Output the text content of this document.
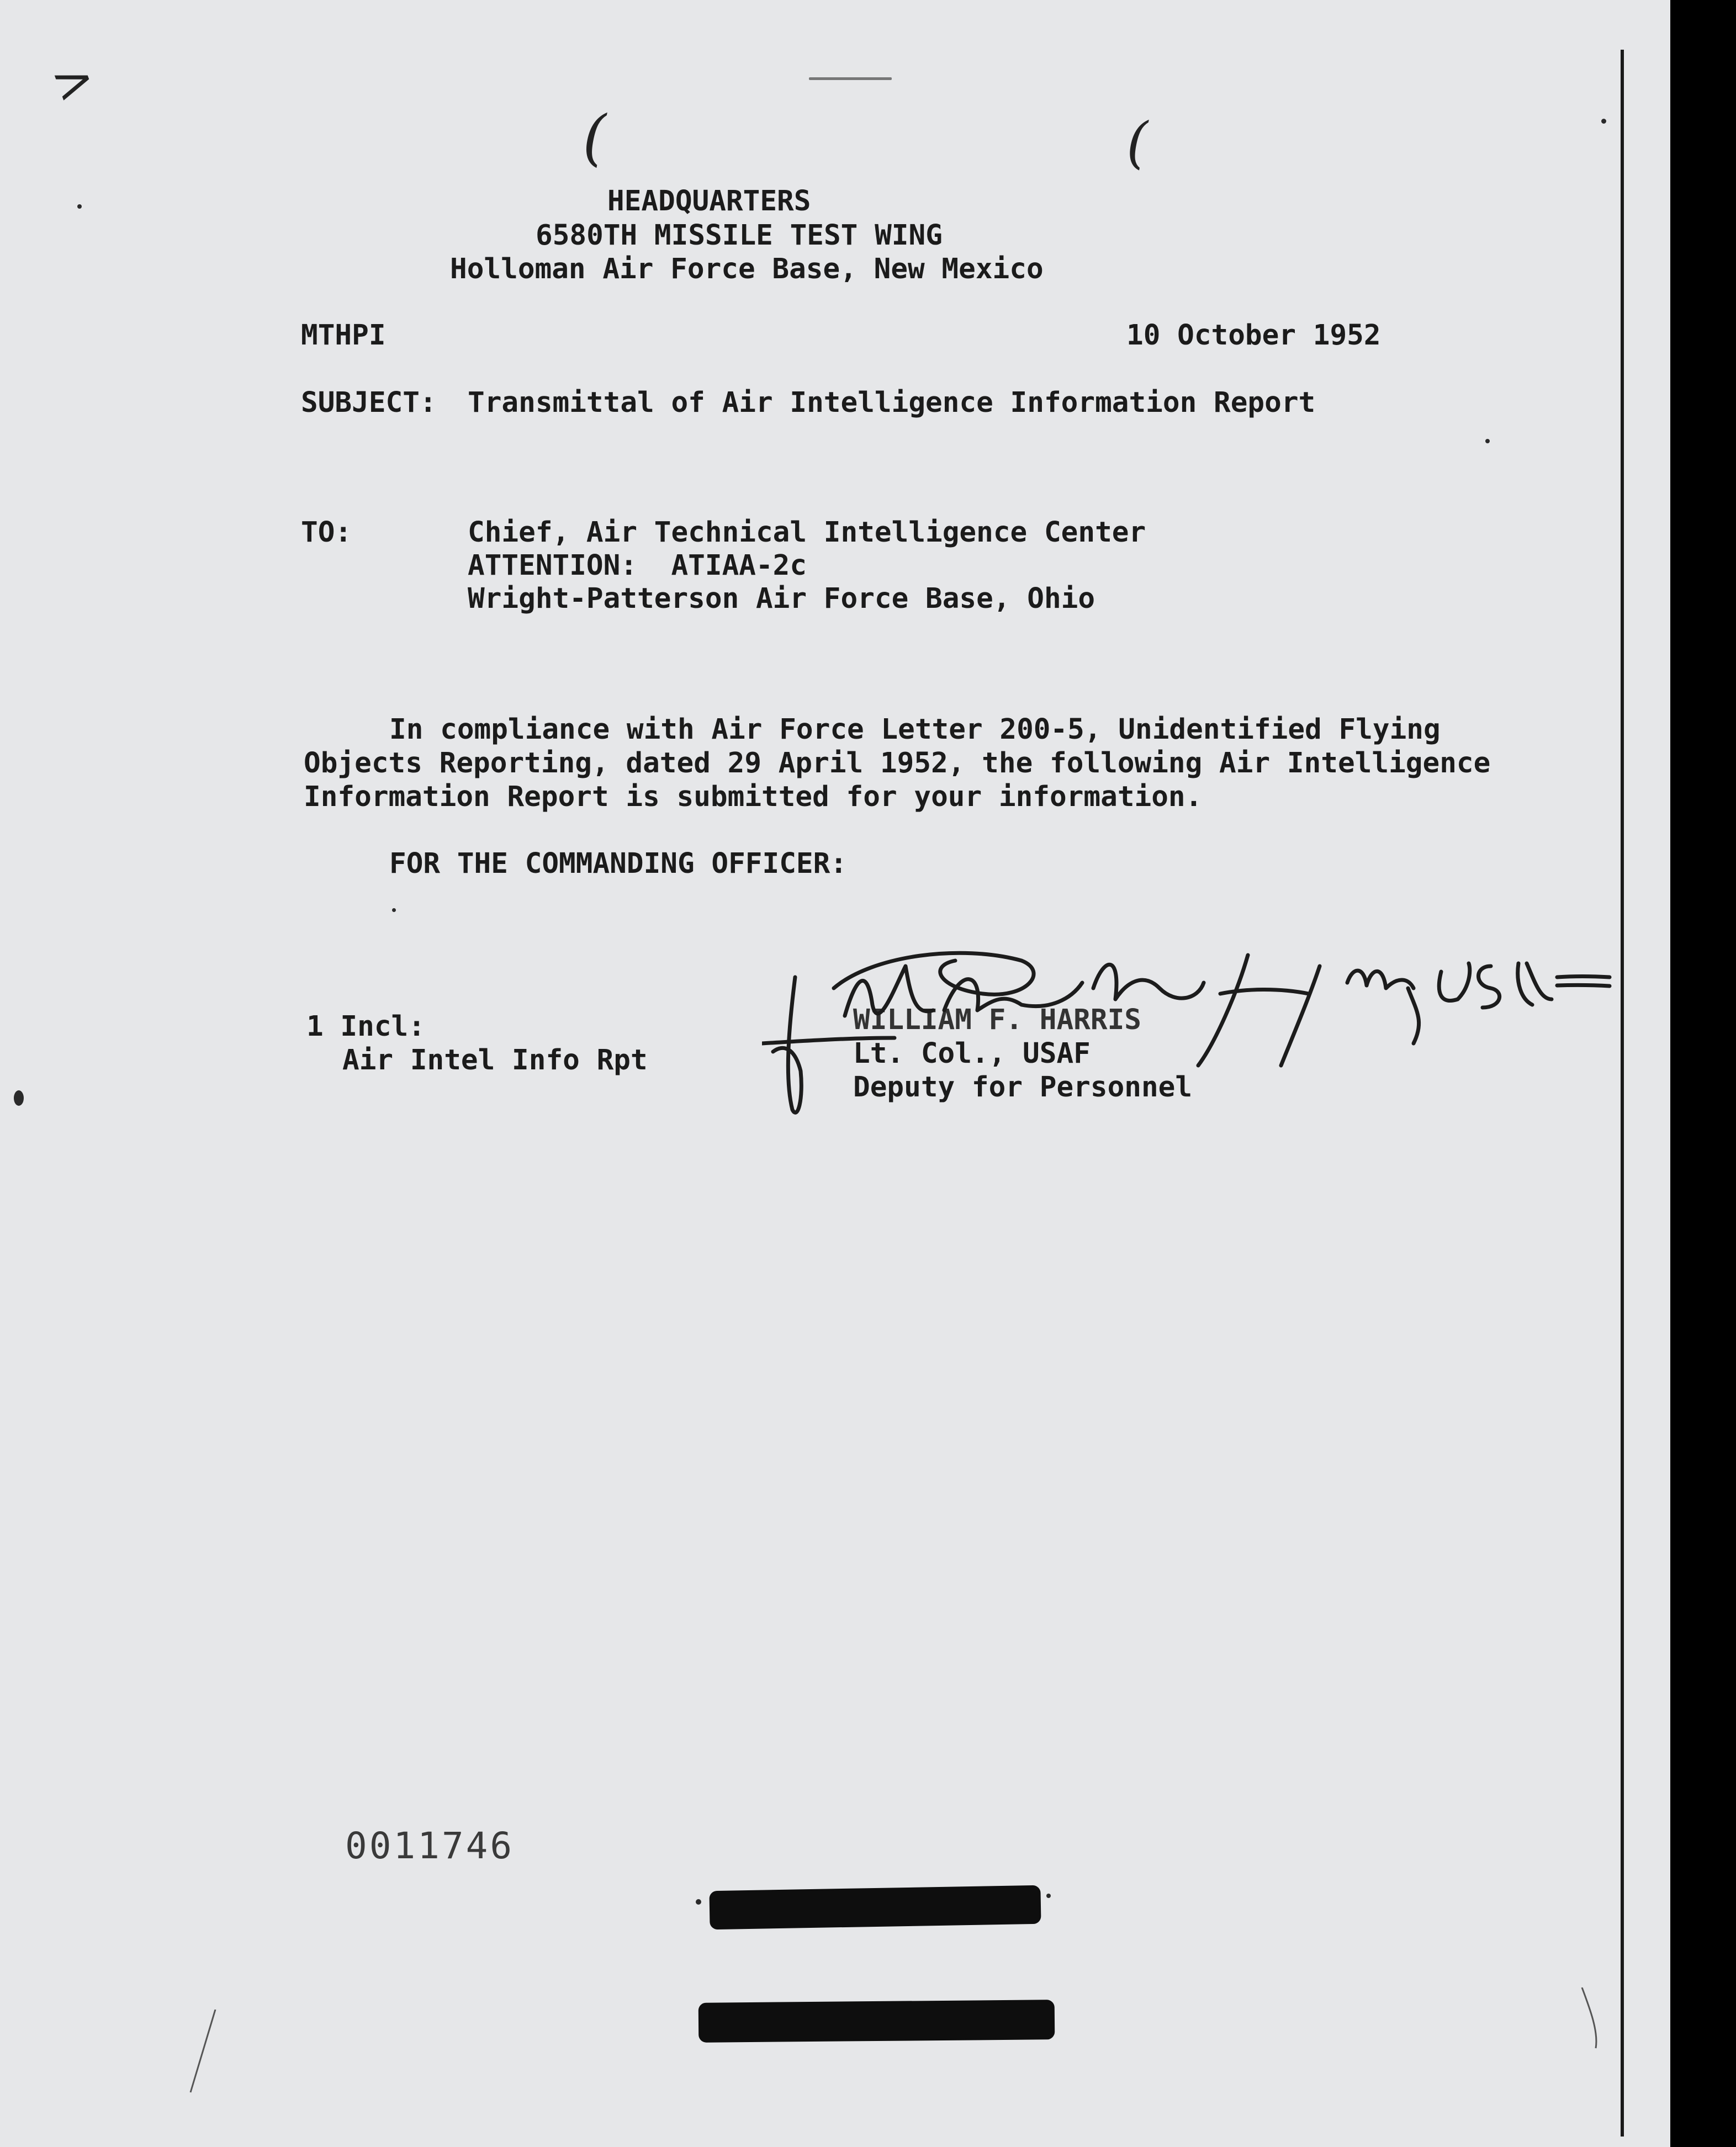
>
(	(
HEADQUARTERS
6580TH MISSILE TEST WING
Holloman Air Force Base, New Mexico
MTHPI	10 October 1952
SUBJECT: Transmittal of Air Intelligence Information Report
TO:	Chief, Air Technical Intelligence Center
ATTENTION:  ATIAA-2c
Wright-Patterson Air Force Base, Ohio
In compliance with Air Force Letter 200-5, Unidentified Flying
Objects Reporting, dated 29 April 1952, the following Air Intelligence
Information Report is submitted for your information.
FOR THE COMMANDING OFFICER:
1 Incl:
Air Intel Info Rpt
WILLIAM F. HARRIS
Lt. Col., USAF
Deputy for Personnel
0011746
